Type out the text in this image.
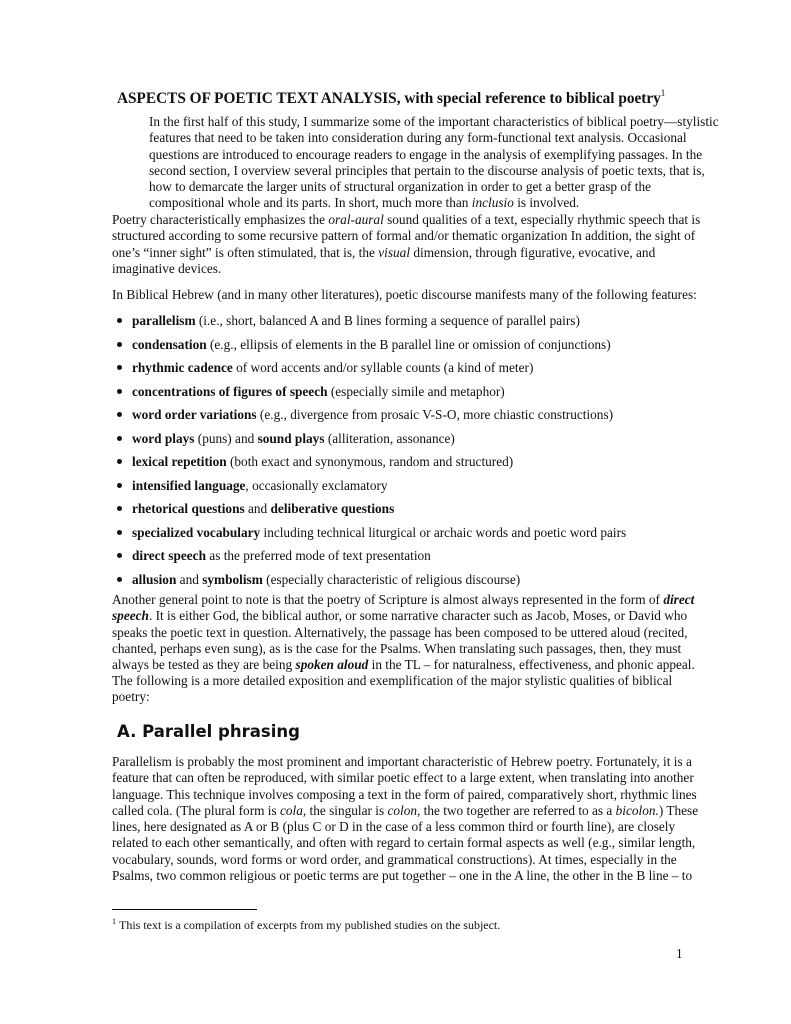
ASPECTS OF POETIC TEXT ANALYSIS, with special reference to biblical poetry$^1$
In the first half of this study, I summarize some of the important characteristics of biblical poetry—stylistic
features that need to be taken into consideration during any form-functional text analysis. Occasional
questions are introduced to encourage readers to engage in the analysis of exemplifying passages. In the
second section, I overview several principles that pertain to the discourse analysis of poetic texts, that is,
how to demarcate the larger units of structural organization in order to get a better grasp of the
compositional whole and its parts. In short, much more than inclusio is involved.
Poetry characteristically emphasizes the oral-aural sound qualities of a text, especially rhythmic speech that is
structured according to some recursive pattern of formal and/or thematic organization In addition, the sight of
one’s “inner sight” is often stimulated, that is, the visual dimension, through figurative, evocative, and
imaginative devices.
In Biblical Hebrew (and in many other literatures), poetic discourse manifests many of the following features:
parallelism (i.e., short, balanced A and B lines forming a sequence of parallel pairs)
condensation (e.g., ellipsis of elements in the B parallel line or omission of conjunctions)
rhythmic cadence of word accents and/or syllable counts (a kind of meter)
concentrations of figures of speech (especially simile and metaphor)
word order variations (e.g., divergence from prosaic V-S-O, more chiastic constructions)
word plays (puns) and sound plays (alliteration, assonance)
lexical repetition (both exact and synonymous, random and structured)
intensified language, occasionally exclamatory
rhetorical questions and deliberative questions
specialized vocabulary including technical liturgical or archaic words and poetic word pairs
direct speech as the preferred mode of text presentation
allusion and symbolism (especially characteristic of religious discourse)
Another general point to note is that the poetry of Scripture is almost always represented in the form of direct
speech. It is either God, the biblical author, or some narrative character such as Jacob, Moses, or David who
speaks the poetic text in question. Alternatively, the passage has been composed to be uttered aloud (recited,
chanted, perhaps even sung), as is the case for the Psalms. When translating such passages, then, they must
always be tested as they are being spoken aloud in the TL – for naturalness, effectiveness, and phonic appeal.
The following is a more detailed exposition and exemplification of the major stylistic qualities of biblical
poetry:
A. Parallel phrasing
Parallelism is probably the most prominent and important characteristic of Hebrew poetry. Fortunately, it is a
feature that can often be reproduced, with similar poetic effect to a large extent, when translating into another
language. This technique involves composing a text in the form of paired, comparatively short, rhythmic lines
called cola. (The plural form is cola, the singular is colon, the two together are referred to as a bicolon.) These
lines, here designated as A or B (plus C or D in the case of a less common third or fourth line), are closely
related to each other semantically, and often with regard to certain formal aspects as well (e.g., similar length,
vocabulary, sounds, word forms or word order, and grammatical constructions). At times, especially in the
Psalms, two common religious or poetic terms are put together – one in the A line, the other in the B line – to
$^1$ This text is a compilation of excerpts from my published studies on the subject.
1
